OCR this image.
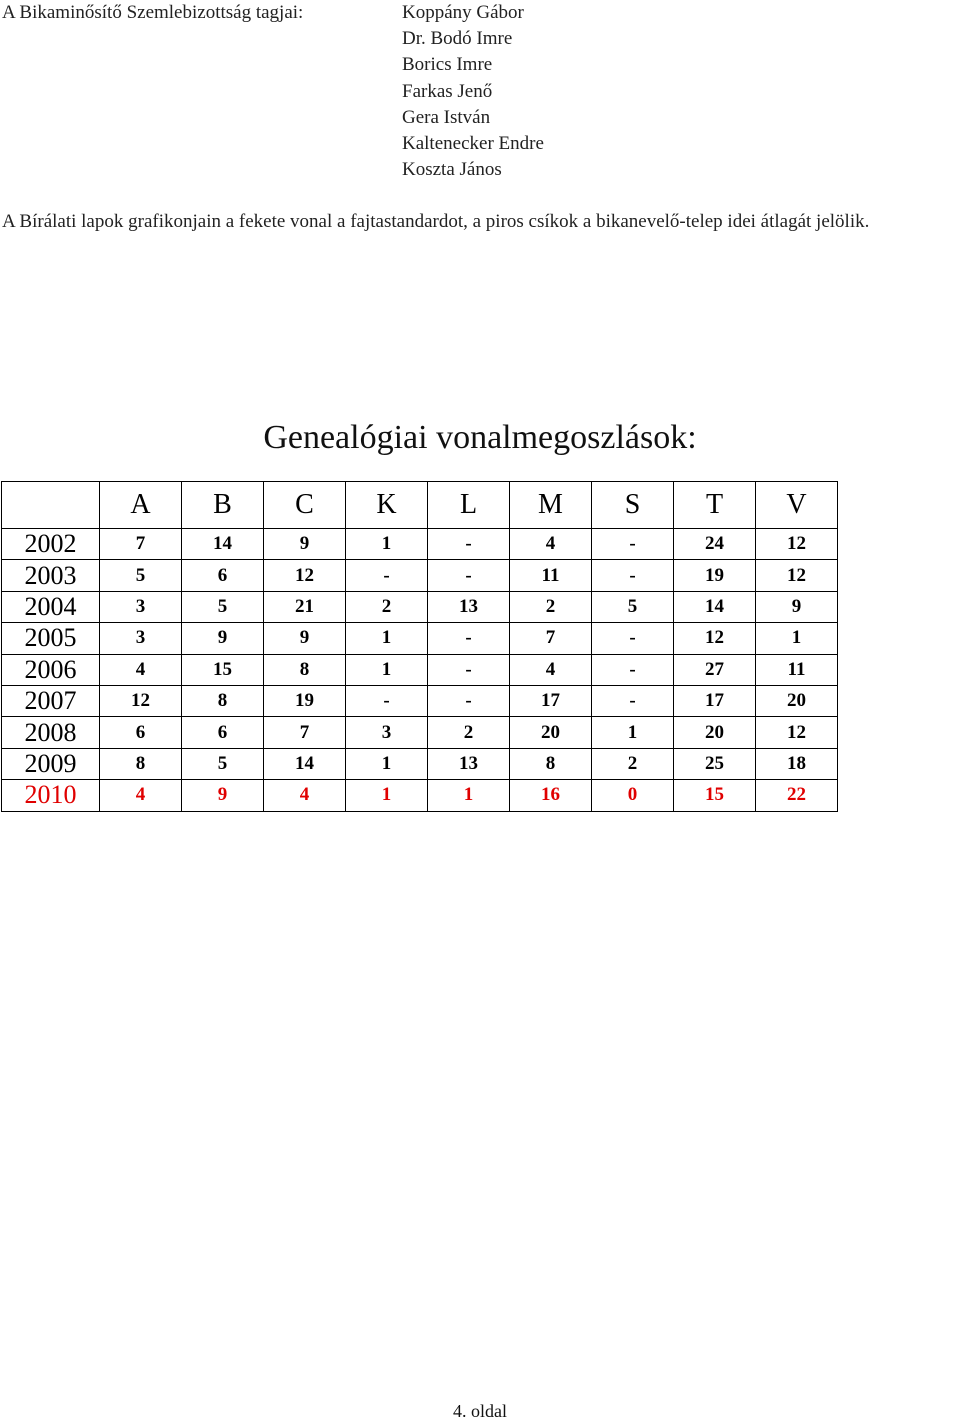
A Bikaminősítő Szemlebizottság tagjai:	Koppány Gábor
Dr. Bodó Imre
Borics Imre
Farkas Jenő
Gera István
Kaltenecker Endre
Koszta János
A Bírálati lapok grafikonjain a fekete vonal a fajtastandardot, a piros csíkok a bikanevelő-telep idei átlagát jelölik.
Genealógiai vonalmegoszlások:
	A	B	C	K	L	M	S	T	V
2002	7	14	9	1	-	4	-	24	12
2003	5	6	12	-	-	11	-	19	12
2004	3	5	21	2	13	2	5	14	9
2005	3	9	9	1	-	7	-	12	1
2006	4	15	8	1	-	4	-	27	11
2007	12	8	19	-	-	17	-	17	20
2008	6	6	7	3	2	20	1	20	12
2009	8	5	14	1	13	8	2	25	18
2010	4	9	4	1	1	16	0	15	22
4. oldal
